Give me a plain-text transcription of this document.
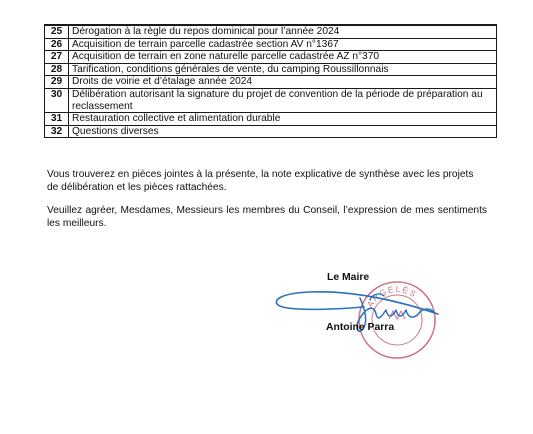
25	Dérogation à la règle du repos dominical pour l’année 2024
26	Acquisition de terrain parcelle cadastrée section AV n°1367
27	Acquisition de terrain en zone naturelle parcelle cadastrée AZ n°370
28	Tarification, conditions générales de vente, du camping Roussillonnais
29	Droits de voirie et d’étalage année 2024
30	Délibération autorisant la signature du projet de convention de la période de préparation au reclassement
31	Restauration collective et alimentation durable
32	Questions diverses
Vous trouverez en pièces jointes à la présente, la note explicative de synthèse avec les projets de délibération et les pièces rattachées.
Veuillez agréer, Mesdames, Messieurs les membres du Conseil, l’expression de mes sentiments les meilleurs.
ARGELÈS
Le Maire
Antoine Parra
